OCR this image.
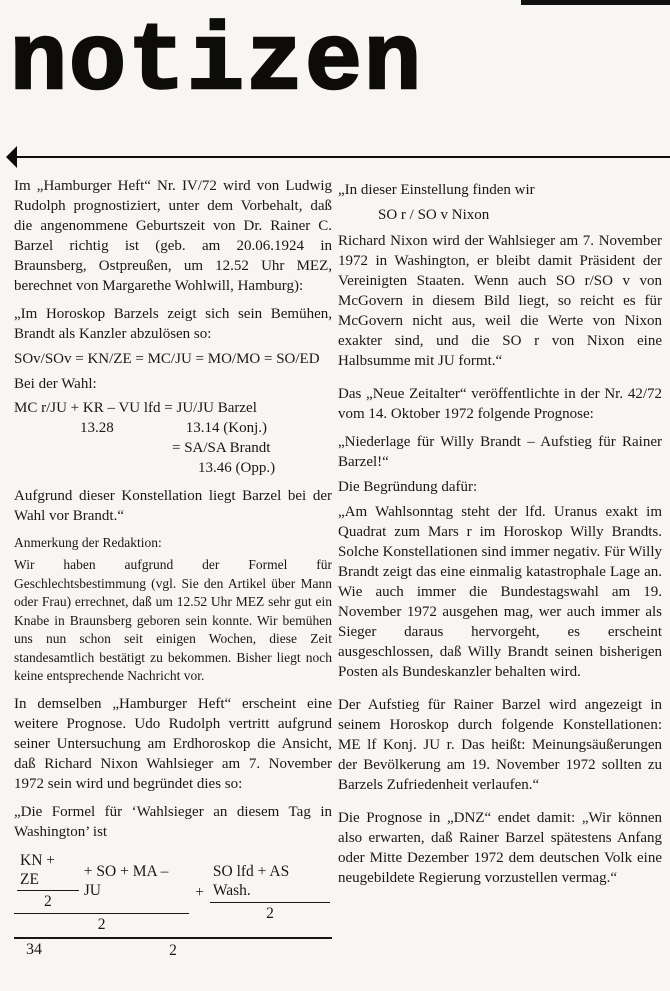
notizen

Im „Hamburger Heft“ Nr. IV/72 wird von Ludwig Rudolph prognostiziert, unter dem Vorbehalt, daß die angenommene Geburtszeit von Dr. Rainer C. Barzel richtig ist (geb. am 20.06.1924 in Braunsberg, Ostpreußen, um 12.52 Uhr MEZ, berechnet von Margarethe Wohlwill, Hamburg):

„Im Horoskop Barzels zeigt sich sein Bemühen, Brandt als Kanzler abzulösen so:

SOv/SOv = KN/ZE = MC/JU = MO/MO = SO/ED

Bei der Wahl:

MC r/JU + KR – VU lfd = JU/JU Barzel
13.28	13.14 (Konj.)
= SA/SA Brandt
13.46 (Opp.)

Aufgrund dieser Konstellation liegt Barzel bei der Wahl vor Brandt.“

Anmerkung der Redaktion:

Wir haben aufgrund der Formel für Geschlechtsbestimmung (vgl. Sie den Artikel über Mann oder Frau) errechnet, daß um 12.52 Uhr MEZ sehr gut ein Knabe in Braunsberg geboren sein konnte. Wir bemühen uns nun schon seit einigen Wochen, diese Zeit standesamtlich bestätigt zu bekommen. Bisher liegt noch keine entsprechende Nachricht vor.

In demselben „Hamburger Heft“ erscheint eine weitere Prognose. Udo Rudolph vertritt aufgrund seiner Untersuchung am Erdhoroskop die Ansicht, daß Richard Nixon Wahlsieger am 7. November 1972 sein wird und begründet dies so:

„Die Formel für ‘Wahlsieger an diesem Tag in Washington’ ist

$\frac{KN + ZE}{2}$ + SO + MA – JU
2
+ $\frac{\text{SO lfd + AS Wash.}}{2}$
2

„In dieser Einstellung finden wir

SO r / SO v Nixon

Richard Nixon wird der Wahlsieger am 7. November 1972 in Washington, er bleibt damit Präsident der Vereinigten Staaten. Wenn auch SO r/SO v von McGovern in diesem Bild liegt, so reicht es für McGovern nicht aus, weil die Werte von Nixon exakter sind, und die SO r von Nixon eine Halbsumme mit JU formt.“

Das „Neue Zeitalter“ veröffentlichte in der Nr. 42/72 vom 14. Oktober 1972 folgende Prognose:

„Niederlage für Willy Brandt – Aufstieg für Rainer Barzel!“

Die Begründung dafür:

„Am Wahlsonntag steht der lfd. Uranus exakt im Quadrat zum Mars r im Horoskop Willy Brandts. Solche Konstellationen sind immer negativ. Für Willy Brandt zeigt das eine einmalig katastrophale Lage an. Wie auch immer die Bundestagswahl am 19. November 1972 ausgehen mag, wer auch immer als Sieger daraus hervorgeht, es erscheint ausgeschlossen, daß Willy Brandt seinen bisherigen Posten als Bundeskanzler behalten wird.

Der Aufstieg für Rainer Barzel wird angezeigt in seinem Horoskop durch folgende Konstellationen: ME lf Konj. JU r. Das heißt: Meinungsäußerungen der Bevölkerung am 19. November 1972 sollten zu Barzels Zufriedenheit verlaufen.“

Die Prognose in „DNZ“ endet damit: „Wir können also erwarten, daß Rainer Barzel spätestens Anfang oder Mitte Dezember 1972 dem deutschen Volk eine neugebildete Regierung vorzustellen vermag.“

34
